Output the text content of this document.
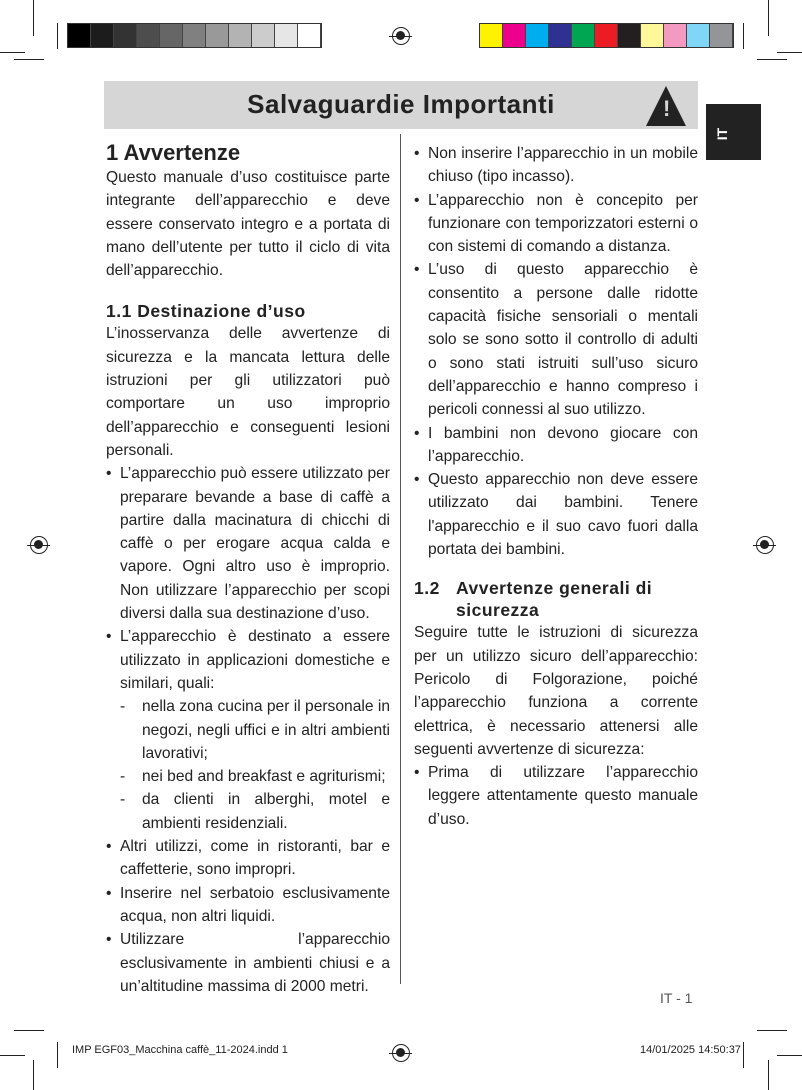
Salvaguardie Importanti	!
IT
1 Avvertenze

Questo manuale d’uso costituisce parte integrante dell’apparecchio e deve essere conservato integro e a portata di mano dell’utente per tutto il ciclo di vita dell’apparecchio.

1.1 Destinazione d’uso

L’inosservanza delle avvertenze di sicurezza e la mancata lettura delle istruzioni per gli utilizzatori può comportare un uso improprio dell’apparecchio e conseguenti lesioni personali.

• L’apparecchio può essere utilizzato per preparare bevande a base di caffè a partire dalla macinatura di chicchi di caffè o per erogare acqua calda e vapore. Ogni altro uso è improprio. Non utilizzare l’apparecchio per scopi diversi dalla sua destinazione d’uso.

• L’apparecchio è destinato a essere utilizzato in applicazioni domestiche e similari, quali:

- nella zona cucina per il personale in negozi, negli uffici e in altri ambienti lavorativi;

- nei bed and breakfast e agriturismi;

- da clienti in alberghi, motel e ambienti residenziali.

• Altri utilizzi, come in ristoranti, bar e caffetterie, sono impropri.

• Inserire nel serbatoio esclusivamente acqua, non altri liquidi.

• Utilizzare l’apparecchio esclusivamente in ambienti chiusi e a un’altitudine massima di 2000 metri.

• Non inserire l’apparecchio in un mobile chiuso (tipo incasso).

• L’apparecchio non è concepito per funzionare con temporizzatori esterni o con sistemi di comando a distanza.

• L’uso di questo apparecchio è consentito a persone dalle ridotte capacità fisiche sensoriali o mentali solo se sono sotto il controllo di adulti o sono stati istruiti sull’uso sicuro dell’apparecchio e hanno compreso i pericoli connessi al suo utilizzo.

• I bambini non devono giocare con l’apparecchio.

• Questo apparecchio non deve essere utilizzato dai bambini. Tenere l'apparecchio e il suo cavo fuori dalla portata dei bambini.

1.2 Avvertenze generali di sicurezza

Seguire tutte le istruzioni di sicurezza per un utilizzo sicuro dell’apparecchio: Pericolo di Folgorazione, poiché l’apparecchio funziona a corrente elettrica, è necessario attenersi alle seguenti avvertenze di sicurezza:

• Prima di utilizzare l’apparecchio leggere attentamente questo manuale d’uso.

IT - 1
IMP EGF03_Macchina caffè_11-2024.indd 1	14/01/2025 14:50:37
